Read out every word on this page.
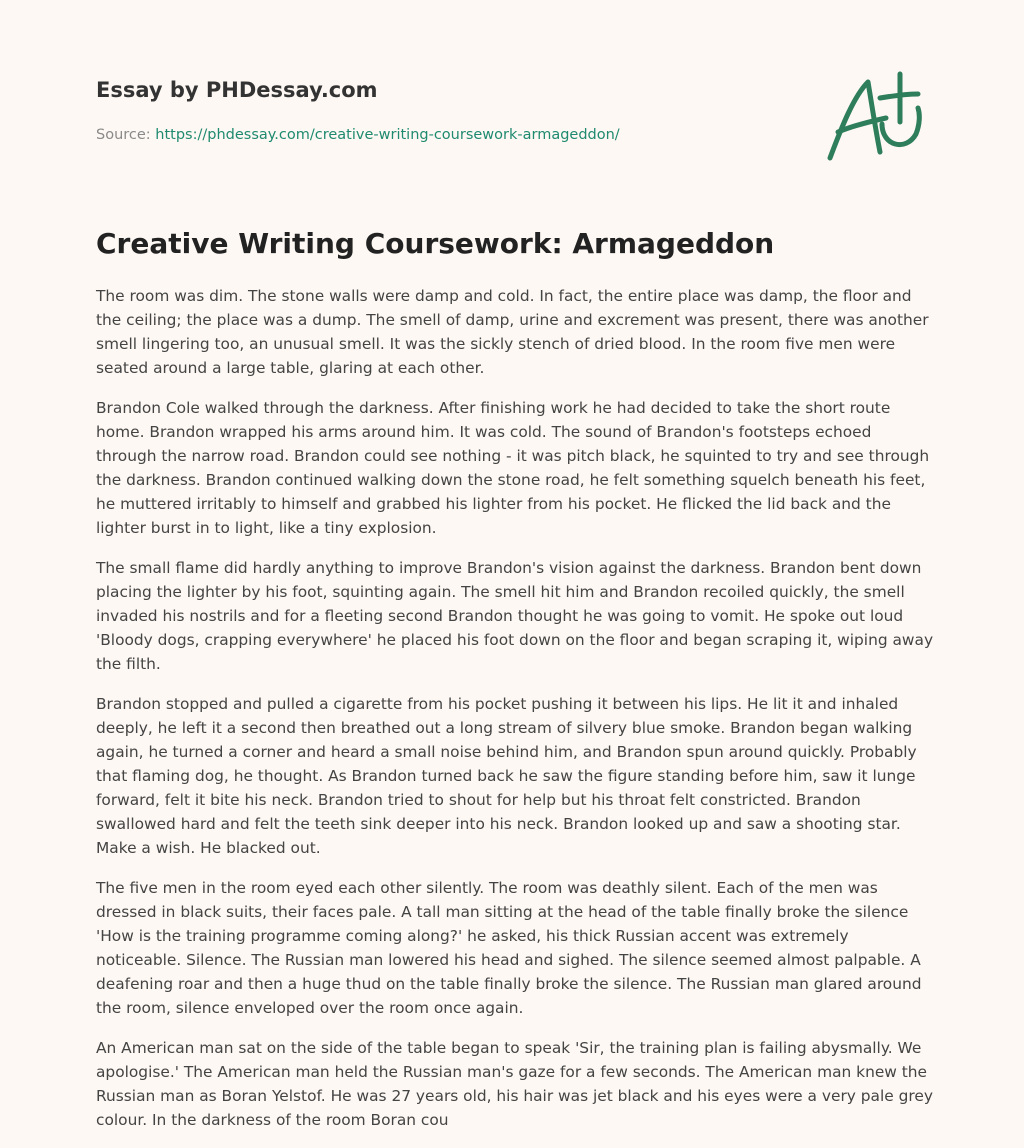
Essay by PHDessay.com
Source: https://phdessay.com/creative-writing-coursework-armageddon/
Creative Writing Coursework: Armageddon

The room was dim. The stone walls were damp and cold. In fact, the entire place was damp, the floor and the ceiling; the place was a dump. The smell of damp, urine and excrement was present, there was another smell lingering too, an unusual smell. It was the sickly stench of dried blood. In the room five men were seated around a large table, glaring at each other.

Brandon Cole walked through the darkness. After finishing work he had decided to take the short route home. Brandon wrapped his arms around him. It was cold. The sound of Brandon's footsteps echoed through the narrow road. Brandon could see nothing - it was pitch black, he squinted to try and see through the darkness. Brandon continued walking down the stone road, he felt something squelch beneath his feet, he muttered irritably to himself and grabbed his lighter from his pocket. He flicked the lid back and the lighter burst in to light, like a tiny explosion.

The small flame did hardly anything to improve Brandon's vision against the darkness. Brandon bent down placing the lighter by his foot, squinting again. The smell hit him and Brandon recoiled quickly, the smell invaded his nostrils and for a fleeting second Brandon thought he was going to vomit. He spoke out loud 'Bloody dogs, crapping everywhere' he placed his foot down on the floor and began scraping it, wiping away the filth.

Brandon stopped and pulled a cigarette from his pocket pushing it between his lips. He lit it and inhaled deeply, he left it a second then breathed out a long stream of silvery blue smoke. Brandon began walking again, he turned a corner and heard a small noise behind him, and Brandon spun around quickly. Probably that flaming dog, he thought. As Brandon turned back he saw the figure standing before him, saw it lunge forward, felt it bite his neck. Brandon tried to shout for help but his throat felt constricted. Brandon swallowed hard and felt the teeth sink deeper into his neck. Brandon looked up and saw a shooting star. Make a wish. He blacked out.

The five men in the room eyed each other silently. The room was deathly silent. Each of the men was dressed in black suits, their faces pale. A tall man sitting at the head of the table finally broke the silence 'How is the training programme coming along?' he asked, his thick Russian accent was extremely noticeable. Silence. The Russian man lowered his head and sighed. The silence seemed almost palpable. A deafening roar and then a huge thud on the table finally broke the silence. The Russian man glared around the room, silence enveloped over the room once again.

An American man sat on the side of the table began to speak 'Sir, the training plan is failing abysmally. We apologise.' The American man held the Russian man's gaze for a few seconds. The American man knew the Russian man as Boran Yelstof. He was 27 years old, his hair was jet black and his eyes were a very pale grey colour. In the darkness of the room Boran cou
